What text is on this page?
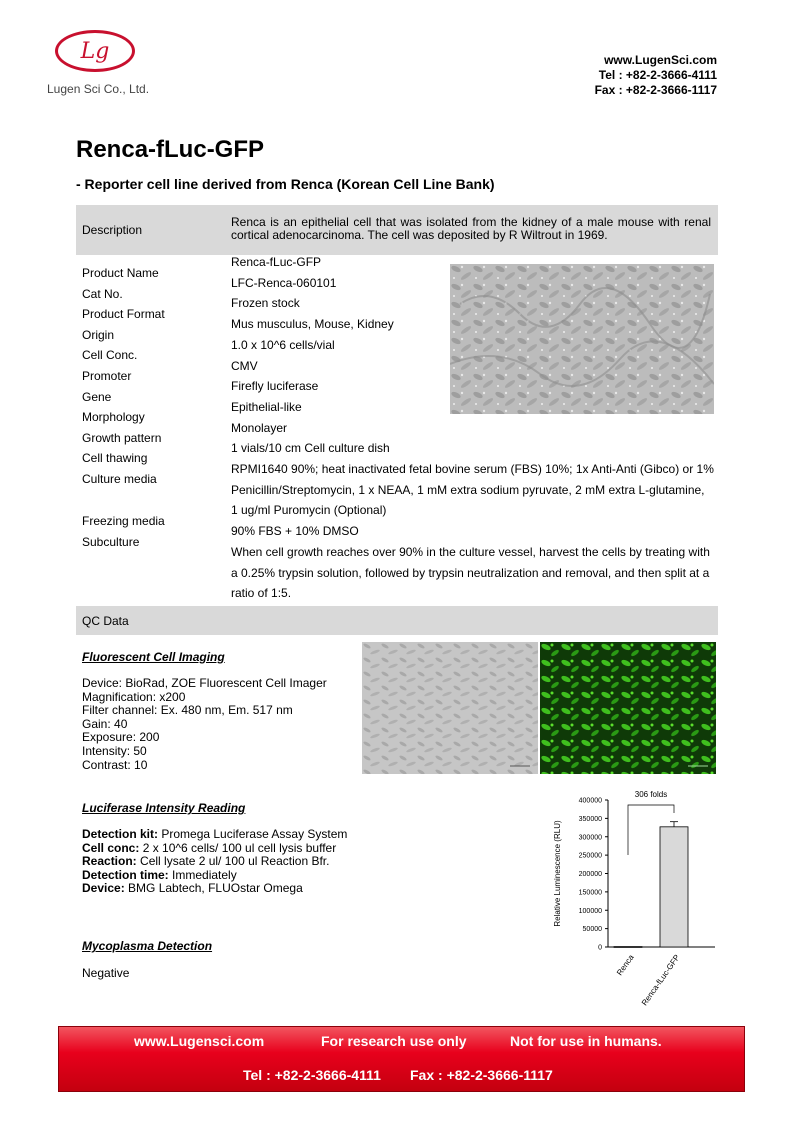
Lg
Lugen Sci Co., Ltd.
www.LugenSci.com
Tel : +82-2-3666-4111
Fax : +82-2-3666-1117
Renca-fLuc-GFP
- Reporter cell line derived from Renca (Korean Cell Line Bank)
Description
Renca is an epithelial cell that was isolated from the kidney of a male mouse with renal cortical adenocarcinoma. The cell was deposited by R Wiltrout in 1969.
Product Name
Cat No.
Product Format
Origin
Cell Conc.
Promoter
Gene
Morphology
Growth pattern
Cell thawing
Culture media
Freezing media
Subculture
Renca-fLuc-GFP
LFC-Renca-060101
Frozen stock
Mus musculus, Mouse, Kidney
1.0 x 10^6 cells/vial
CMV
Firefly luciferase
Epithelial-like
Monolayer
1 vials/10 cm Cell culture dish
RPMI1640 90%; heat inactivated fetal bovine serum (FBS) 10%; 1x Anti-Anti (Gibco) or 1%
Penicillin/Streptomycin, 1 x NEAA, 1 mM extra sodium pyruvate, 2 mM extra L-glutamine,
1 ug/ml Puromycin (Optional)
90% FBS + 10% DMSO
When cell growth reaches over 90% in the culture vessel, harvest the cells by treating with
a 0.25% trypsin solution, followed by trypsin neutralization and removal, and then split at a
ratio of 1:5.
QC Data
Fluorescent Cell Imaging
Device: BioRad, ZOE Fluorescent Cell Imager
Magnification: x200
Filter channel: Ex. 480 nm, Em. 517 nm
Gain: 40
Exposure: 200
Intensity: 50
Contrast: 10
Luciferase Intensity Reading
Detection kit: Promega Luciferase Assay System
Cell conc: 2 x 10^6 cells/ 100 ul cell lysis buffer
Reaction: Cell lysate 2 ul/ 100 ul Reaction Bfr.
Detection time: Immediately
Device: BMG Labtech, FLUOstar Omega
0
50000
100000
150000
200000
250000
300000
350000
400000
Relative Luminescence (RLU)
Renca Renca-fLuc-GFP
306 folds
Mycoplasma Detection
Negative
www.Lugensci.com	For research use only	Not for use in humans.
Tel : +82-2-3666-4111 Fax : +82-2-3666-1117
